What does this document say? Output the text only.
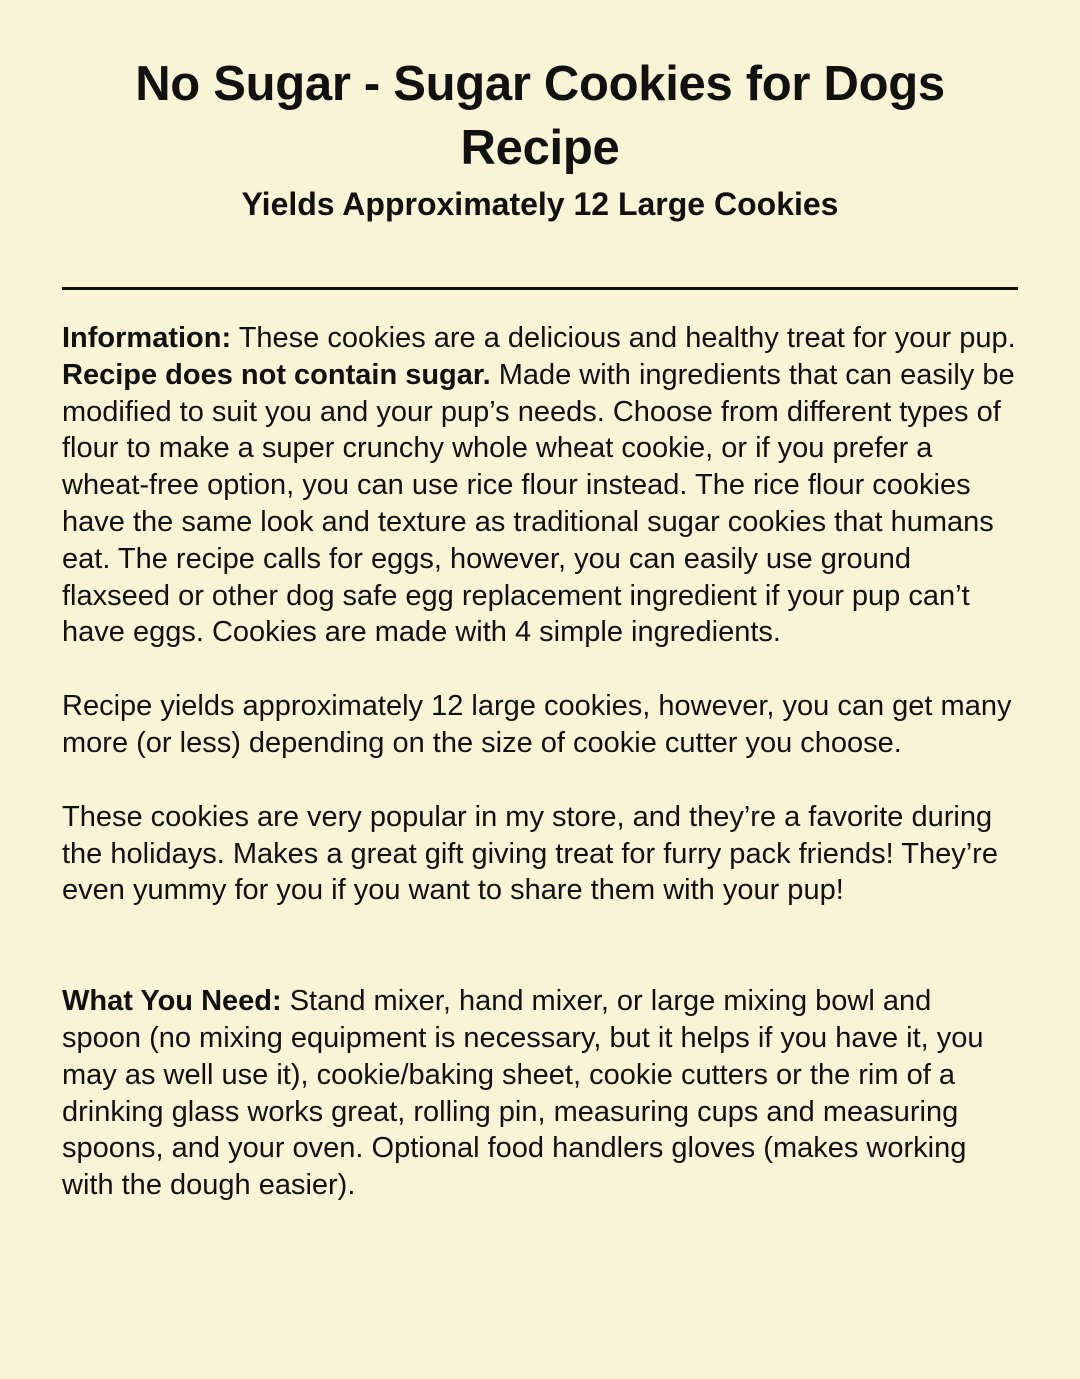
No Sugar - Sugar Cookies for Dogs Recipe
Yields Approximately 12 Large Cookies

Information: These cookies are a delicious and healthy treat for your pup. Recipe does not contain sugar. Made with ingredients that can easily be modified to suit you and your pup’s needs. Choose from different types of flour to make a super crunchy whole wheat cookie, or if you prefer a wheat-free option, you can use rice flour instead. The rice flour cookies have the same look and texture as traditional sugar cookies that humans eat. The recipe calls for eggs, however, you can easily use ground flaxseed or other dog safe egg replacement ingredient if your pup can’t have eggs. Cookies are made with 4 simple ingredients.

Recipe yields approximately 12 large cookies, however, you can get many more (or less) depending on the size of cookie cutter you choose.

These cookies are very popular in my store, and they’re a favorite during the holidays. Makes a great gift giving treat for furry pack friends! They’re even yummy for you if you want to share them with your pup!

What You Need: Stand mixer, hand mixer, or large mixing bowl and spoon (no mixing equipment is necessary, but it helps if you have it, you may as well use it), cookie/baking sheet, cookie cutters or the rim of a drinking glass works great, rolling pin, measuring cups and measuring spoons, and your oven. Optional food handlers gloves (makes working with the dough easier).
